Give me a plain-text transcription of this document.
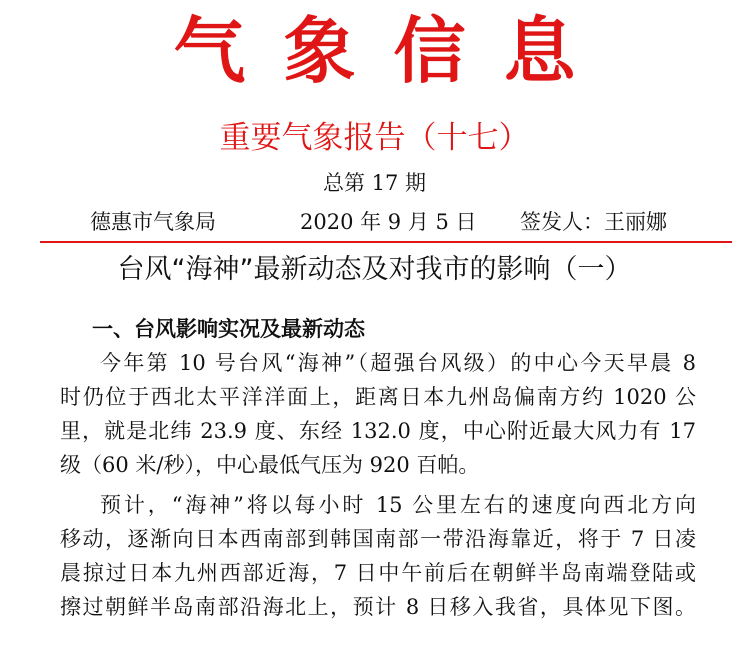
气象信息
重要气象报告（十七）
总第 17 期
德惠市气象局	2020 年 9 月 5 日 签发人：王丽娜
台风“海神”最新动态及对我市的影响（一）
一、台风影响实况及最新动态
今年第 10 号台风“海神”（超强台风级）的中心今天早晨 8
时仍位于西北太平洋洋面上，距离日本九州岛偏南方约 1020 公
里，就是北纬 23.9 度、东经 132.0 度，中心附近最大风力有 17
级（60 米/秒），中心最低气压为 920 百帕。
预计，“海神”将以每小时 15 公里左右的速度向西北方向
移动，逐渐向日本西南部到韩国南部一带沿海靠近，将于 7 日凌
晨掠过日本九州西部近海，7 日中午前后在朝鲜半岛南端登陆或
擦过朝鲜半岛南部沿海北上，预计 8 日移入我省，具体见下图。
